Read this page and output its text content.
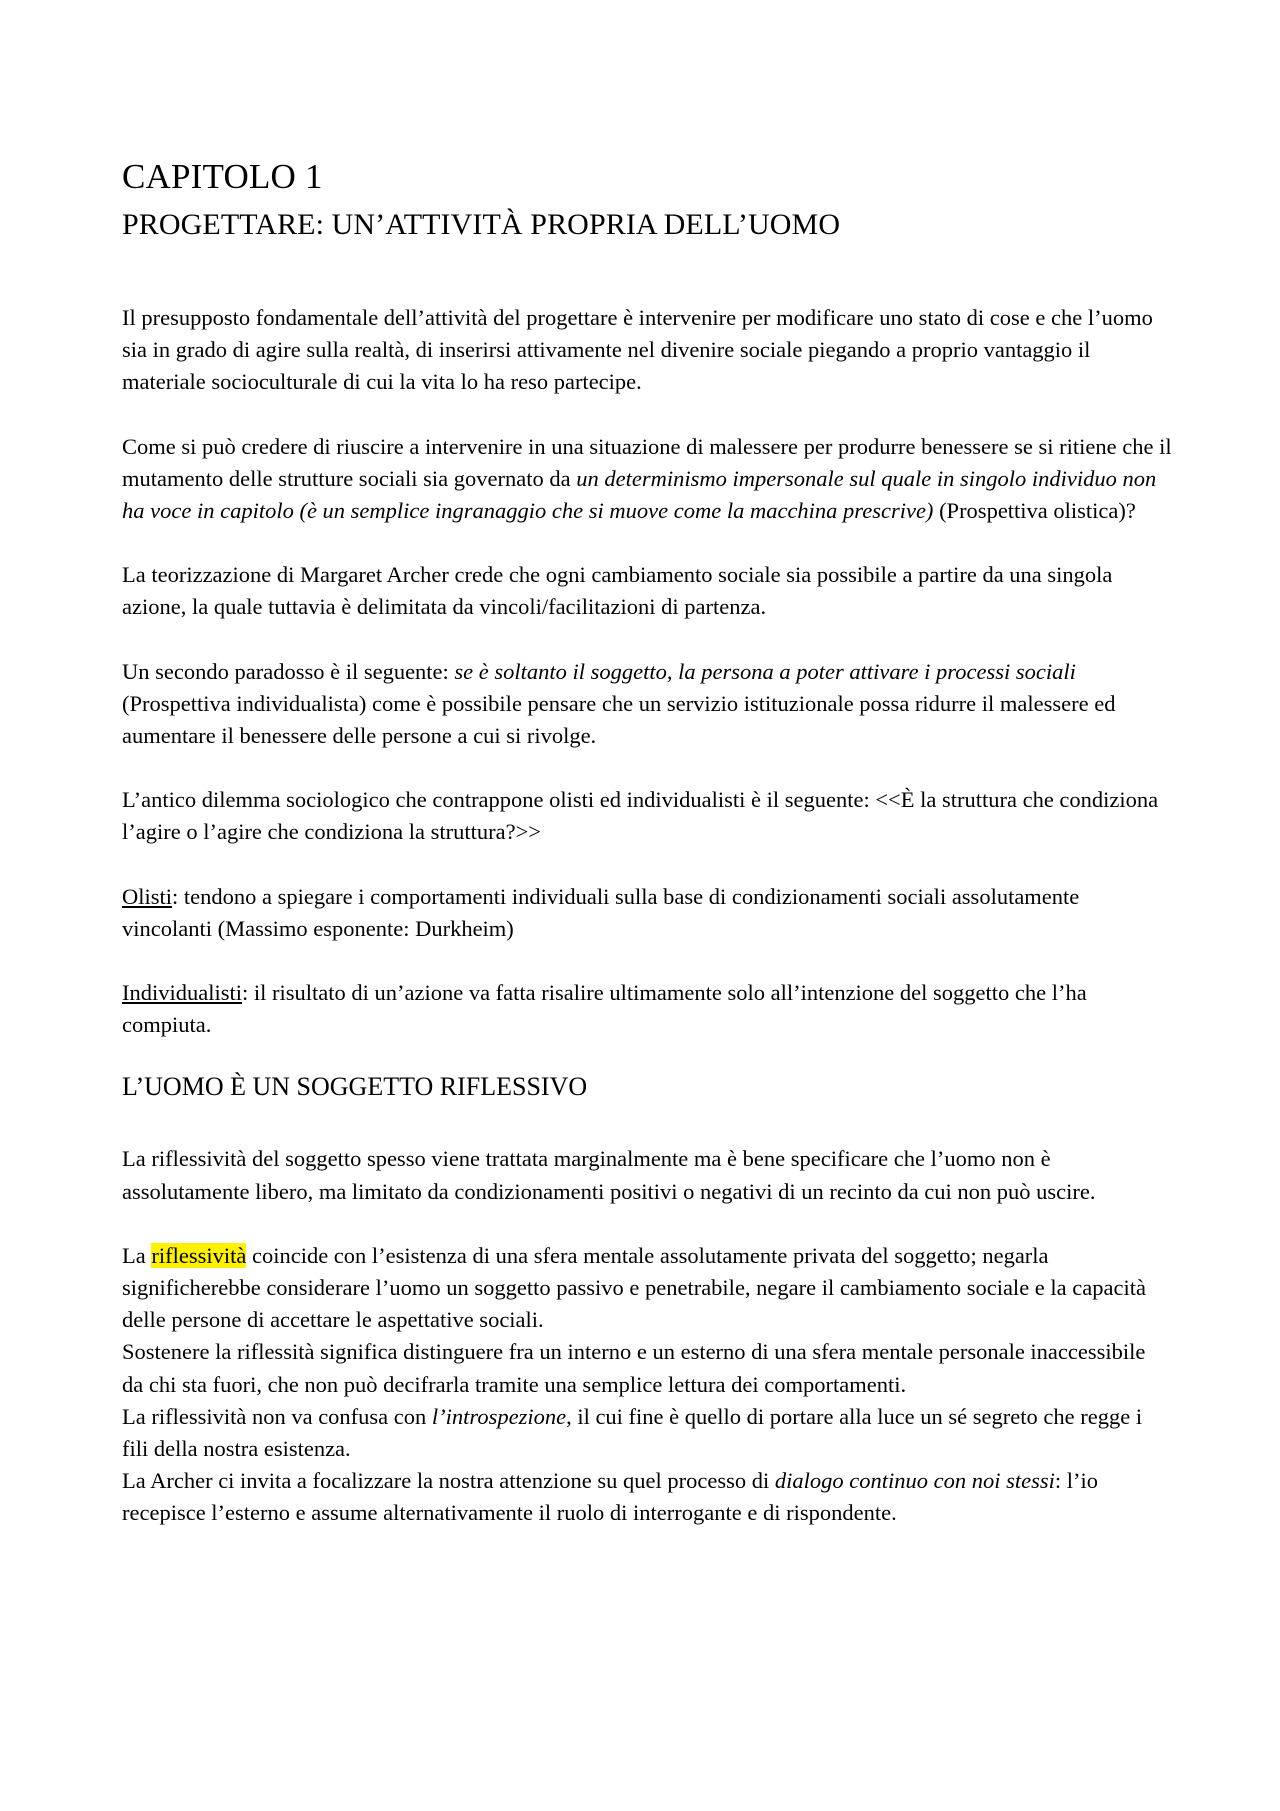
CAPITOLO 1
PROGETTARE: UN’ATTIVITÀ PROPRIA DELL’UOMO

Il presupposto fondamentale dell’attività del progettare è intervenire per modificare uno stato di cose e che l’uomo sia in grado di agire sulla realtà, di inserirsi attivamente nel divenire sociale piegando a proprio vantaggio il materiale socioculturale di cui la vita lo ha reso partecipe.

Come si può credere di riuscire a intervenire in una situazione di malessere per produrre benessere se si ritiene che il mutamento delle strutture sociali sia governato da un determinismo impersonale sul quale in singolo individuo non ha voce in capitolo (è un semplice ingranaggio che si muove come la macchina prescrive) (Prospettiva olistica)?

La teorizzazione di Margaret Archer crede che ogni cambiamento sociale sia possibile a partire da una singola azione, la quale tuttavia è delimitata da vincoli/facilitazioni di partenza.

Un secondo paradosso è il seguente: se è soltanto il soggetto, la persona a poter attivare i processi sociali (Prospettiva individualista) come è possibile pensare che un servizio istituzionale possa ridurre il malessere ed aumentare il benessere delle persone a cui si rivolge.

L’antico dilemma sociologico che contrappone olisti ed individualisti è il seguente: <<È la struttura che condiziona l’agire o l’agire che condiziona la struttura?>>

Olisti: tendono a spiegare i comportamenti individuali sulla base di condizionamenti sociali assolutamente vincolanti (Massimo esponente: Durkheim)

Individualisti: il risultato di un’azione va fatta risalire ultimamente solo all’intenzione del soggetto che l’ha compiuta.

L’UOMO È UN SOGGETTO RIFLESSIVO

La riflessività del soggetto spesso viene trattata marginalmente ma è bene specificare che l’uomo non è assolutamente libero, ma limitato da condizionamenti positivi o negativi di un recinto da cui non può uscire.

La riflessività coincide con l’esistenza di una sfera mentale assolutamente privata del soggetto; negarla significherebbe considerare l’uomo un soggetto passivo e penetrabile, negare il cambiamento sociale e la capacità delle persone di accettare le aspettative sociali.

Sostenere la riflessità significa distinguere fra un interno e un esterno di una sfera mentale personale inaccessibile da chi sta fuori, che non può decifrarla tramite una semplice lettura dei comportamenti.

La riflessività non va confusa con l’introspezione, il cui fine è quello di portare alla luce un sé segreto che regge i fili della nostra esistenza.

La Archer ci invita a focalizzare la nostra attenzione su quel processo di dialogo continuo con noi stessi: l’io recepisce l’esterno e assume alternativamente il ruolo di interrogante e di rispondente.
